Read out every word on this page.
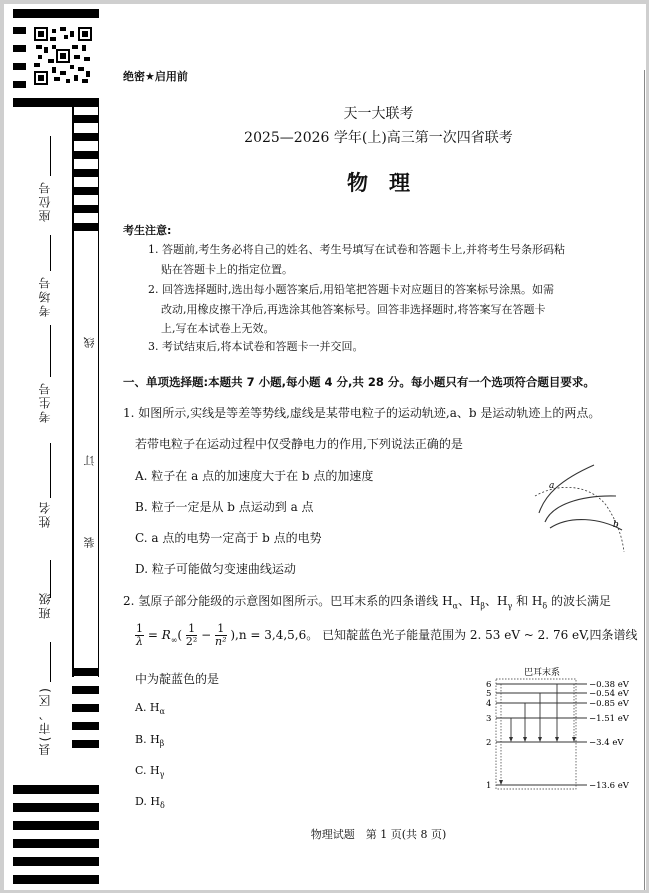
座位号
考场号
考生号
姓名
班级
县(市、区)
线
订
装
绝密★启用前
天一大联考
2025—2026 学年(上)高三第一次四省联考
物　理
考生注意:
1. 答题前,考生务必将自己的姓名、考生号填写在试卷和答题卡上,并将考生号条形码粘
贴在答题卡上的指定位置。
2. 回答选择题时,选出每小题答案后,用铅笔把答题卡对应题目的答案标号涂黑。如需
改动,用橡皮擦干净后,再选涂其他答案标号。回答非选择题时,将答案写在答题卡
上,写在本试卷上无效。
3. 考试结束后,将本试卷和答题卡一并交回。
一、单项选择题:本题共 7 小题,每小题 4 分,共 28 分。每小题只有一个选项符合题目要求。
1. 如图所示,实线是等差等势线,虚线是某带电粒子的运动轨迹,a、b 是运动轨迹上的两点。
若带电粒子在运动过程中仅受静电力的作用,下列说法正确的是
A. 粒子在 a 点的加速度大于在 b 点的加速度
B. 粒子一定是从 b 点运动到 a 点
C. a 点的电势一定高于 b 点的电势
D. 粒子可能做匀变速曲线运动
a
b
2. 氢原子部分能级的示意图如图所示。巴耳末系的四条谱线 $H_\alpha$、$H_\beta$、$H_\gamma$ 和 $H_\delta$ 的波长满足
$\frac{1}{\lambda} = R_\infty( \frac{1}{\text{2²}} - \frac{1}{\text{n²}} ),n = 3,4,5,6$。 已知靛蓝色光子能量范围为 2. 53 eV ~ 2. 76 eV,四条谱线
中为靛蓝色的是
A. $H_\alpha$
B. $H_\beta$
C. $H_\gamma$
D. $H_\delta$
巴耳末系
6
5
4
3
2
1
−0.38 eV
−0.54 eV
−0.85 eV
−1.51 eV
−3.4 eV
−13.6 eV
物理试题　第 1 页(共 8 页)
